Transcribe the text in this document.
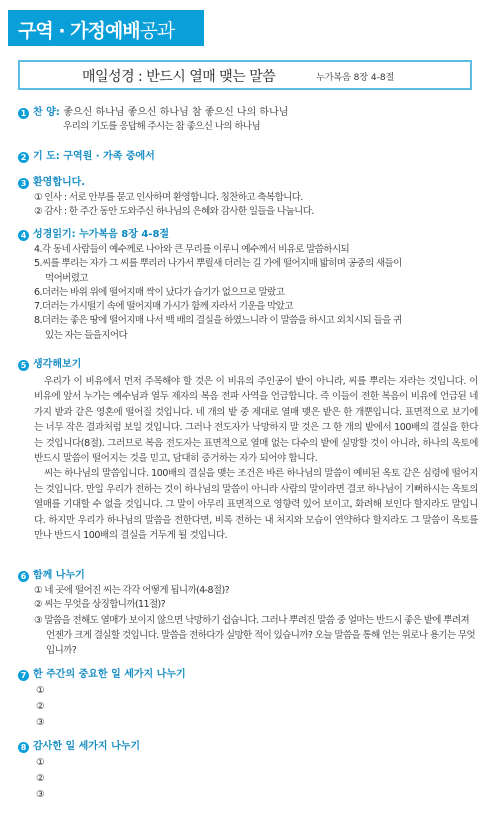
구역 · 가정예배공과
매일성경 : 반드시 열매 맺는 말씀	누가복음 8장 4-8절
1 찬 양: 좋으신 하나님 좋으신 하나님 참 좋으신 나의 하나님
우리의 기도를 응답해 주시는 참 좋으신 나의 하나님
2 기 도: 구역원 · 가족 중에서
3 환영합니다.
① 인사 : 서로 안부를 묻고 인사하며 환영합니다. 칭찬하고 축복합니다.
② 감사 : 한 주간 동안 도와주신 하나님의 은혜와 감사한 일들을 나눕니다.
4 성경읽기: 누가복음 8장 4-8절
4.각 동네 사람들이 예수께로 나아와 큰 무리를 이루니 예수께서 비유로 말씀하시되
5.씨를 뿌리는 자가 그 씨를 뿌리러 나가서 뿌릴새 더러는 길 가에 떨어지매 밟히며 공중의 새들이
먹어버렸고
6.더러는 바위 위에 떨어지매 싹이 났다가 습기가 없으므로 말랐고
7.더러는 가시떨기 속에 떨어지매 가시가 함께 자라서 기운을 막았고
8.더러는 좋은 땅에 떨어지매 나서 백 배의 결실을 하였느니라 이 말씀을 하시고 외치시되 들을 귀
있는 자는 들을지어다
5 생각해보기

우리가 이 비유에서 먼저 주목해야 할 것은 이 비유의 주인공이 밭이 아니라, 씨를 뿌리는 자라는 것입니다. 이 비유에 앞서 누가는 예수님과 열두 제자의 복음 전파 사역을 언급합니다. 즉 이들이 전한 복음이 비유에 언급된 네 가지 밭과 같은 영혼에 떨어질 것입니다. 네 개의 밭 중 제대로 열매 맺은 밭은 한 개뿐입니다. 표면적으로 보기에는 너무 작은 결과처럼 보일 것입니다. 그러나 전도자가 낙망하지 말 것은 그 한 개의 밭에서 100배의 결실을 한다는 것입니다(8절). 그러므로 복음 전도자는 표면적으로 열매 없는 다수의 밭에 실망할 것이 아니라, 하나의 옥토에 반드시 말씀이 떨어지는 것을 믿고, 담대히 증거하는 자가 되어야 합니다.

씨는 하나님의 말씀입니다. 100배의 결실을 맺는 조건은 바른 하나님의 말씀이 예비된 옥토 같은 심령에 떨어지는 것입니다. 만일 우리가 전하는 것이 하나님의 말씀이 아니라 사람의 말이라면 결코 하나님이 기뻐하시는 옥토의 열매를 기대할 수 없을 것입니다. 그 말이 아무리 표면적으로 영향력 있어 보이고, 화려해 보인다 할지라도 말입니다. 하지만 우리가 하나님의 말씀을 전한다면, 비록 전하는 내 처지와 모습이 연약하다 할지라도 그 말씀이 옥토를 만나 반드시 100배의 결실을 거두게 될 것입니다.

6 함께 나누기
① 네 곳에 떨어진 씨는 각각 어떻게 됩니까(4-8절)?
② 씨는 무엇을 상징합니까(11절)?
③ 말씀을 전해도 열매가 보이지 않으면 낙망하기 쉽습니다. 그러나 뿌려진 말씀 중 얼마는 반드시 좋은 밭에 뿌려져 언젠가 크게 결실할 것입니다. 말씀을 전하다가 실망한 적이 있습니까? 오늘 말씀을 통해 얻는 위로나 용기는 무엇입니까?
7 한 주간의 중요한 일 세가지 나누기
①
②
③
8 감사한 일 세가지 나누기
①
②
③
